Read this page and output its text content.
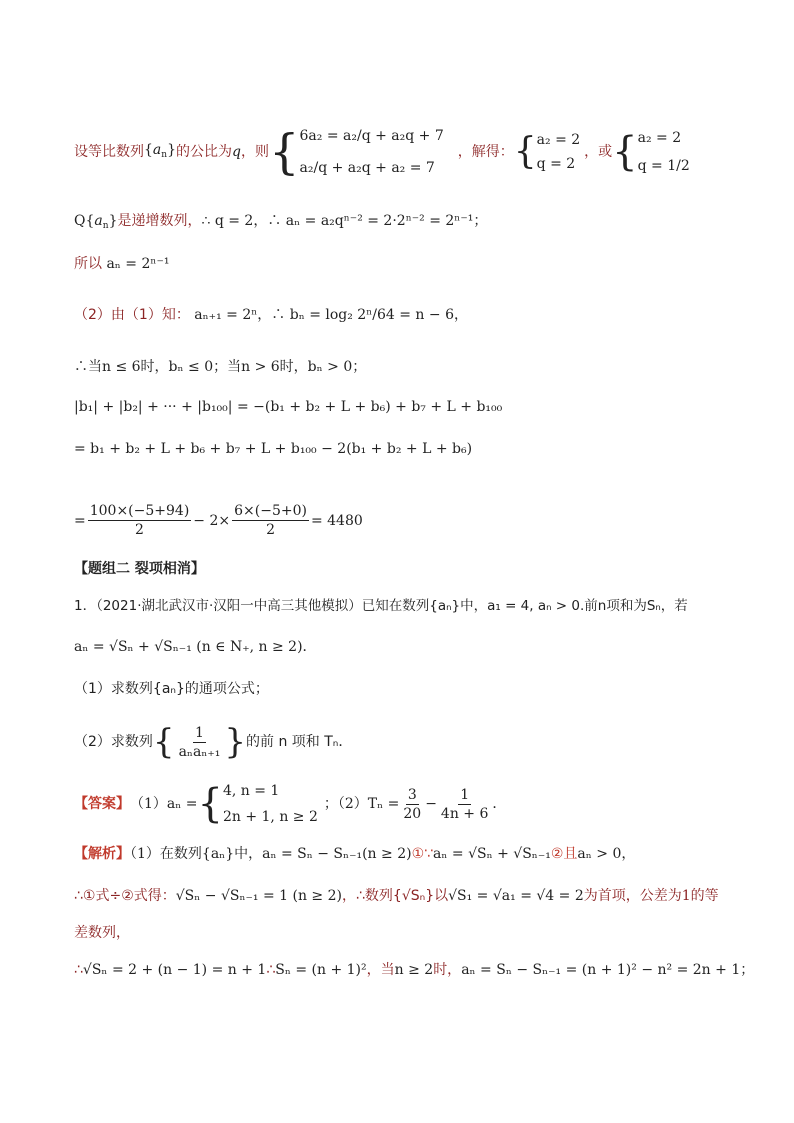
设等比数列 $\{a_n\}$ 的公比为 q ，则 { 6a₂ = a₂/q + a₂q + 7
a₂/q + a₂q + a₂ = 7
，解得： { a₂ = 2
q = 2
，或 { a₂ = 2
q = 1/2
$Q\{a_n\}$是递增数列，∴ q = 2，∴ aₙ = a₂qⁿ⁻² = 2·2ⁿ⁻² = 2ⁿ⁻¹；
所以 aₙ = 2ⁿ⁻¹
（2）由（1）知： aₙ₊₁ = 2ⁿ，∴ bₙ = log₂ 2ⁿ/64 = n − 6，
∴当n ≤ 6时，bₙ ≤ 0；当n > 6时，bₙ > 0；
|b₁| + |b₂| + ··· + |b₁₀₀| = −(b₁ + b₂ + L + b₆) + b₇ + L + b₁₀₀
= b₁ + b₂ + L + b₆ + b₇ + L + b₁₀₀ − 2(b₁ + b₂ + L + b₆)
= $\frac{100\times(-5+94)}{2} - 2\times \frac{6\times(-5+0)}{2} = 4480$
【题组二 裂项相消】
1．（2021·湖北武汉市·汉阳一中高三其他模拟）已知在数列{aₙ}中，a₁ = 4, aₙ > 0.前n项和为Sₙ，若
aₙ = √Sₙ + √Sₙ₋₁ (n ∈ N₊, n ≥ 2)．
（1）求数列{aₙ}的通项公式；
（2）求数列 { $\frac{1}{\text{aₙaₙ₊₁}}$ } 的前 n 项和 Tₙ．
【答案】 （1）aₙ = { 4, n = 1
2n + 1, n ≥ 2
；$(2)T_n = \frac{3}{20} - \frac{1}{4n + 6}$ ．
【解析】（1）在数列{aₙ}中，aₙ = Sₙ − Sₙ₋₁(n ≥ 2)①∵aₙ = √Sₙ + √Sₙ₋₁②且aₙ > 0，
∴①式÷②式得：√Sₙ − √Sₙ₋₁ = 1 (n ≥ 2)，∴数列{√Sₙ}以√S₁ = √a₁ = √4 = 2为首项，公差为1的等
差数列，
∴√Sₙ = 2 + (n − 1) = n + 1∴Sₙ = (n + 1)²，当n ≥ 2时，aₙ = Sₙ − Sₙ₋₁ = (n + 1)² − n² = 2n + 1；
